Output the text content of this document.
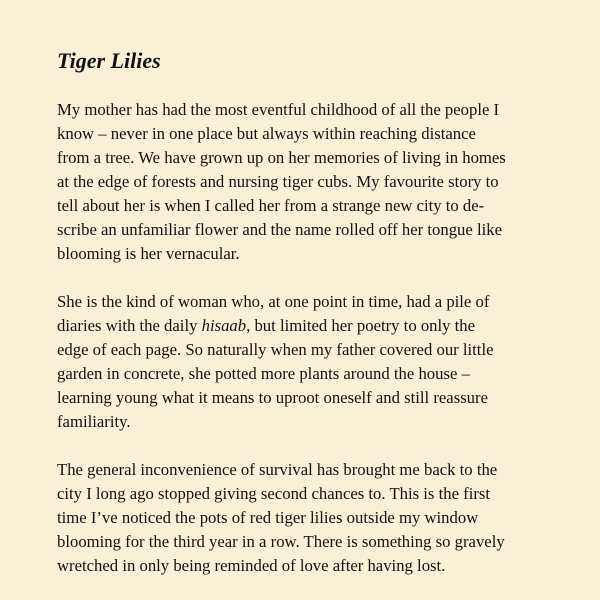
Tiger Lilies

My mother has had the most eventful childhood of all the people I
know – never in one place but always within reaching distance
from a tree. We have grown up on her memories of living in homes
at the edge of forests and nursing tiger cubs. My favourite story to
tell about her is when I called her from a strange new city to de-
scribe an unfamiliar flower and the name rolled off her tongue like
blooming is her vernacular.

She is the kind of woman who, at one point in time, had a pile of
diaries with the daily hisaab, but limited her poetry to only the
edge of each page. So naturally when my father covered our little
garden in concrete, she potted more plants around the house –
learning young what it means to uproot oneself and still reassure
familiarity.

The general inconvenience of survival has brought me back to the
city I long ago stopped giving second chances to. This is the first
time I’ve noticed the pots of red tiger lilies outside my window
blooming for the third year in a row. There is something so gravely
wretched in only being reminded of love after having lost.
